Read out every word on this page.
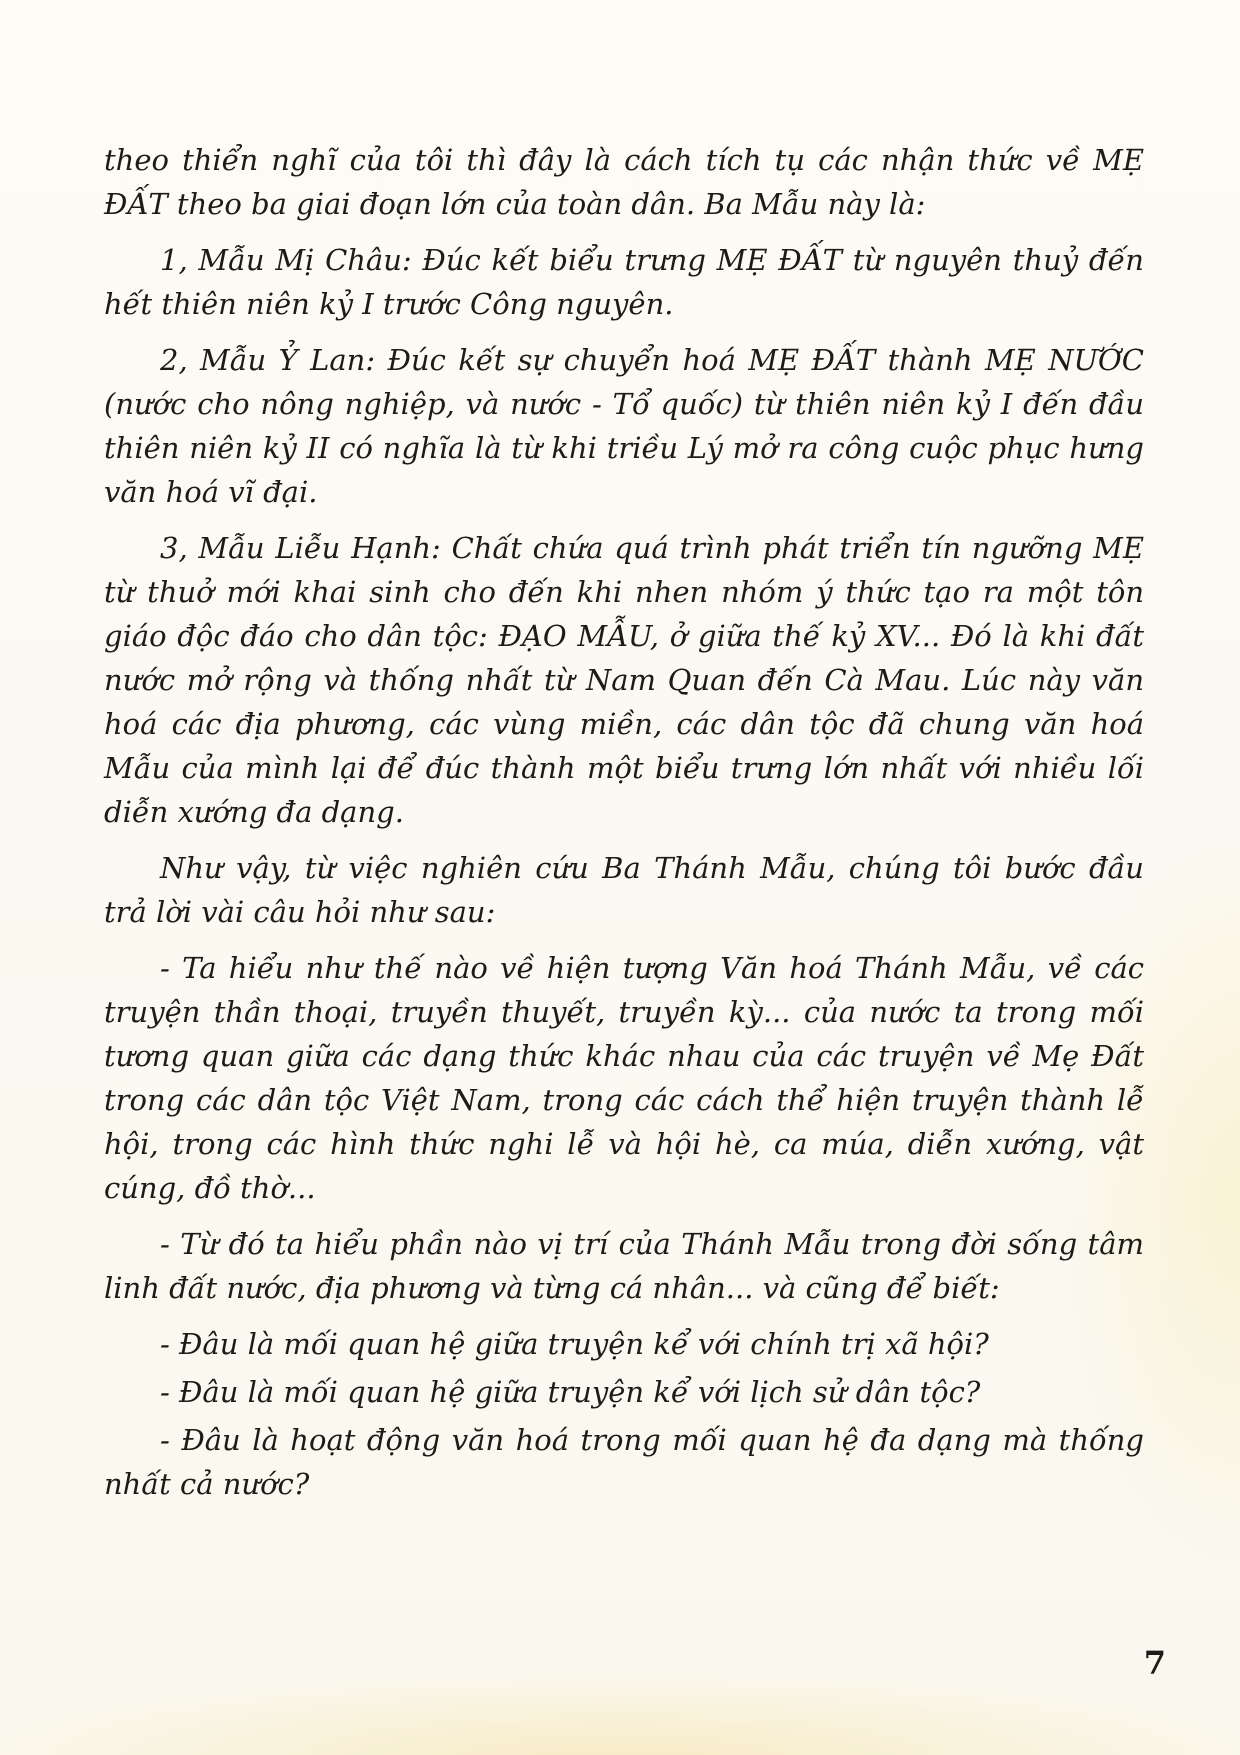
theo thiển nghĩ của tôi thì đây là cách tích tụ các nhận thức về MẸ ĐẤT theo ba giai đoạn lớn của toàn dân. Ba Mẫu này là:

1, Mẫu Mị Châu: Đúc kết biểu trưng MẸ ĐẤT từ nguyên thuỷ đến hết thiên niên kỷ I trước Công nguyên.

2, Mẫu Ỷ Lan: Đúc kết sự chuyển hoá MẸ ĐẤT thành MẸ NƯỚC (nước cho nông nghiệp, và nước - Tổ quốc) từ thiên niên kỷ I đến đầu thiên niên kỷ II có nghĩa là từ khi triều Lý mở ra công cuộc phục hưng văn hoá vĩ đại.

3, Mẫu Liễu Hạnh: Chất chứa quá trình phát triển tín ngưỡng MẸ từ thuở mới khai sinh cho đến khi nhen nhóm ý thức tạo ra một tôn giáo độc đáo cho dân tộc: ĐẠO MẪU, ở giữa thế kỷ XV... Đó là khi đất nước mở rộng và thống nhất từ Nam Quan đến Cà Mau. Lúc này văn hoá các địa phương, các vùng miền, các dân tộc đã chung văn hoá Mẫu của mình lại để đúc thành một biểu trưng lớn nhất với nhiều lối diễn xướng đa dạng.

Như vậy, từ việc nghiên cứu Ba Thánh Mẫu, chúng tôi bước đầu trả lời vài câu hỏi như sau:

- Ta hiểu như thế nào về hiện tượng Văn hoá Thánh Mẫu, về các truyện thần thoại, truyền thuyết, truyền kỳ... của nước ta trong mối tương quan giữa các dạng thức khác nhau của các truyện về Mẹ Đất trong các dân tộc Việt Nam, trong các cách thể hiện truyện thành lễ hội, trong các hình thức nghi lễ và hội hè, ca múa, diễn xướng, vật cúng, đồ thờ...

- Từ đó ta hiểu phần nào vị trí của Thánh Mẫu trong đời sống tâm linh đất nước, địa phương và từng cá nhân... và cũng để biết:

- Đâu là mối quan hệ giữa truyện kể với chính trị xã hội?

- Đâu là mối quan hệ giữa truyện kể với lịch sử dân tộc?

- Đâu là hoạt động văn hoá trong mối quan hệ đa dạng mà thống nhất cả nước?

7
